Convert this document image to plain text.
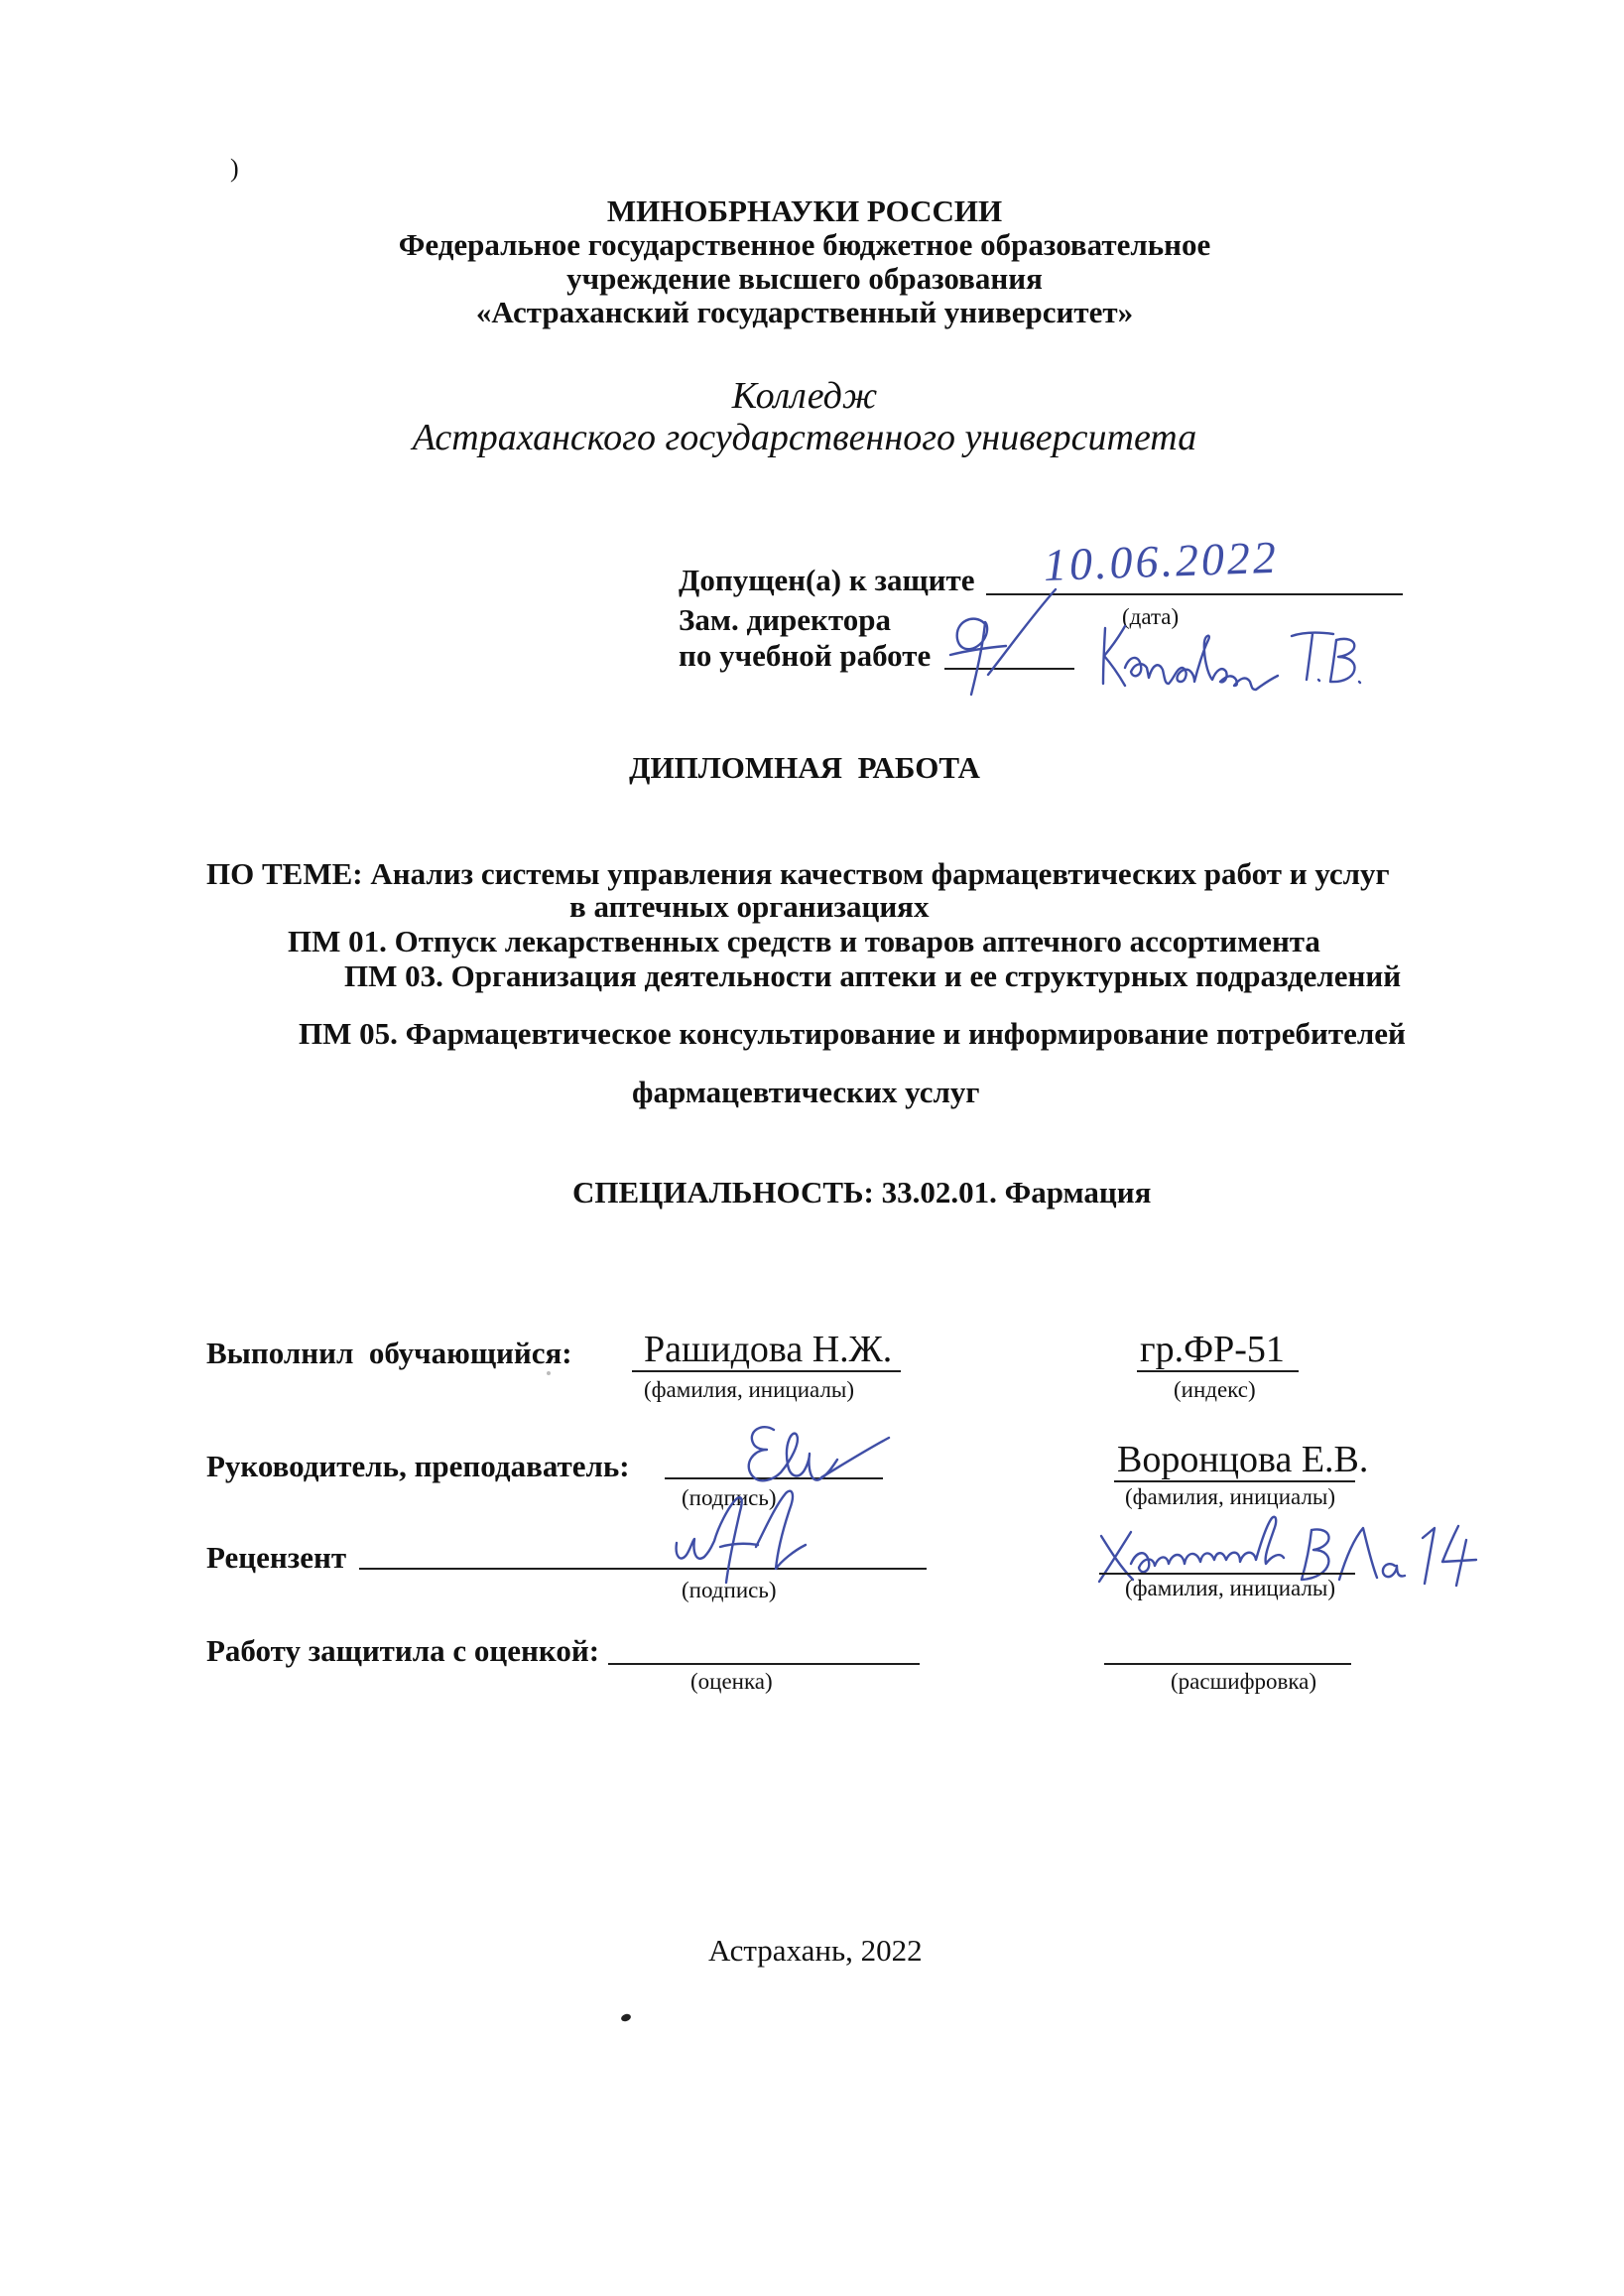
)
МИНОБРНАУКИ РОССИИ
Федеральное государственное бюджетное образовательное
учреждение высшего образования
«Астраханский государственный университет»
Колледж
Астраханского государственного университета
Допущен(а) к защите 10.06.2022
(дата)
Зам. директора
по учебной работе
ДИПЛОМНАЯ  РАБОТА
ПО ТЕМЕ: Анализ системы управления качеством фармацевтических работ и услуг
в аптечных организациях
ПМ 01. Отпуск лекарственных средств и товаров аптечного ассортимента
ПМ 03. Организация деятельности аптеки и ее структурных подразделений
ПМ 05. Фармацевтическое консультирование и информирование потребителей
фармацевтических услуг
СПЕЦИАЛЬНОСТЬ: 33.02.01. Фармация
Выполнил  обучающийся: Рашидова Н.Ж.
(фамилия, инициалы)
гр.ФР-51
(индекс)
Руководитель, преподаватель:
(подпись)
Воронцова Е.В.
(фамилия, инициалы)
Рецензент
(подпись)	(фамилия, инициалы)
Работу защитила с оценкой:
(оценка)	(расшифровка)
Астрахань, 2022
